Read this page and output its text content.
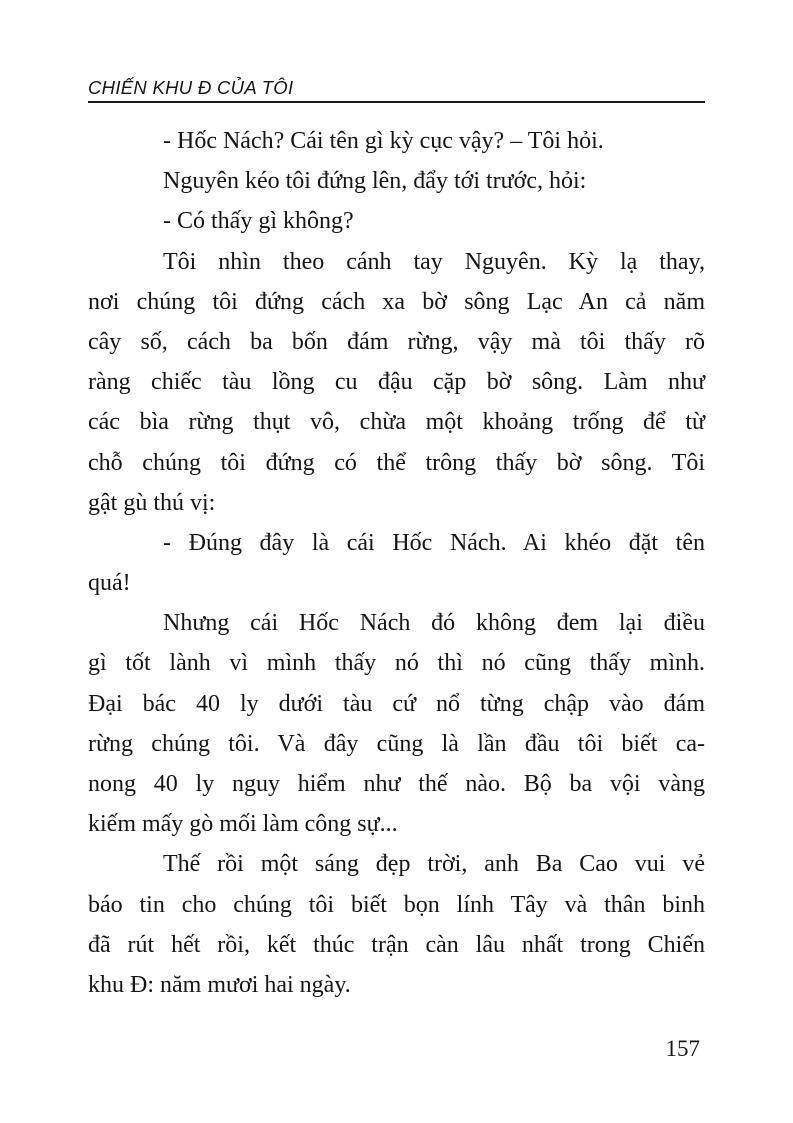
CHIẾN KHU Đ CỦA TÔI
- Hốc Nách? Cái tên gì kỳ cục vậy? – Tôi hỏi.
Nguyên kéo tôi đứng lên, đẩy tới trước, hỏi:
- Có thấy gì không?
Tôi nhìn theo cánh tay Nguyên. Kỳ lạ thay,
nơi chúng tôi đứng cách xa bờ sông Lạc An cả năm
cây số, cách ba bốn đám rừng, vậy mà tôi thấy rõ
ràng chiếc tàu lồng cu đậu cặp bờ sông. Làm như
các bìa rừng thụt vô, chừa một khoảng trống để từ
chỗ chúng tôi đứng có thể trông thấy bờ sông. Tôi
gật gù thú vị:
- Đúng đây là cái Hốc Nách. Ai khéo đặt tên
quá!
Nhưng cái Hốc Nách đó không đem lại điều
gì tốt lành vì mình thấy nó thì nó cũng thấy mình.
Đại bác 40 ly dưới tàu cứ nổ từng chập vào đám
rừng chúng tôi. Và đây cũng là lần đầu tôi biết ca-
nong 40 ly nguy hiểm như thế nào. Bộ ba vội vàng
kiếm mấy gò mối làm công sự...
Thế rồi một sáng đẹp trời, anh Ba Cao vui vẻ
báo tin cho chúng tôi biết bọn lính Tây và thân binh
đã rút hết rồi, kết thúc trận càn lâu nhất trong Chiến
khu Đ: năm mươi hai ngày.
157
